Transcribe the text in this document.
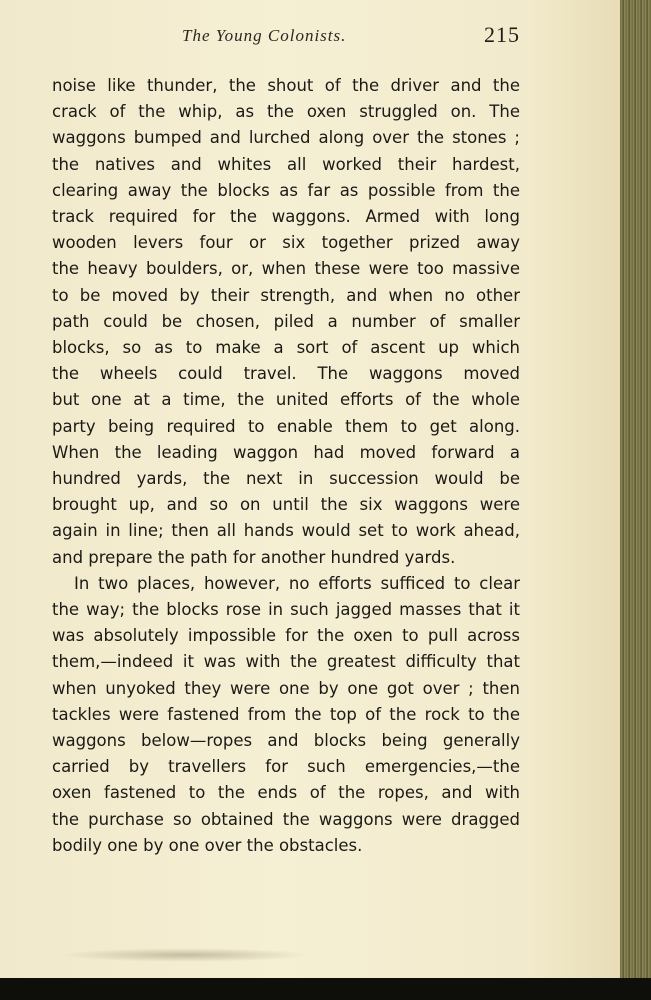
The Young Colonists.	215
noise like thunder, the shout of the driver and the
crack of the whip, as the oxen struggled on. The
waggons bumped and lurched along over the stones ;
the natives and whites all worked their hardest,
clearing away the blocks as far as possible from the
track required for the waggons. Armed with long
wooden levers four or six together prized away
the heavy boulders, or, when these were too massive
to be moved by their strength, and when no other
path could be chosen, piled a number of smaller
blocks, so as to make a sort of ascent up which
the wheels could travel. The waggons moved
but one at a time, the united efforts of the whole
party being required to enable them to get along.
When the leading waggon had moved forward a
hundred yards, the next in succession would be
brought up, and so on until the six waggons were
again in line; then all hands would set to work ahead,
and prepare the path for another hundred yards.
In two places, however, no efforts sufficed to clear
the way; the blocks rose in such jagged masses that it
was absolutely impossible for the oxen to pull across
them,—indeed it was with the greatest difficulty that
when unyoked they were one by one got over ; then
tackles were fastened from the top of the rock to the
waggons below—ropes and blocks being generally
carried by travellers for such emergencies,—the
oxen fastened to the ends of the ropes, and with
the purchase so obtained the waggons were dragged
bodily one by one over the obstacles.
